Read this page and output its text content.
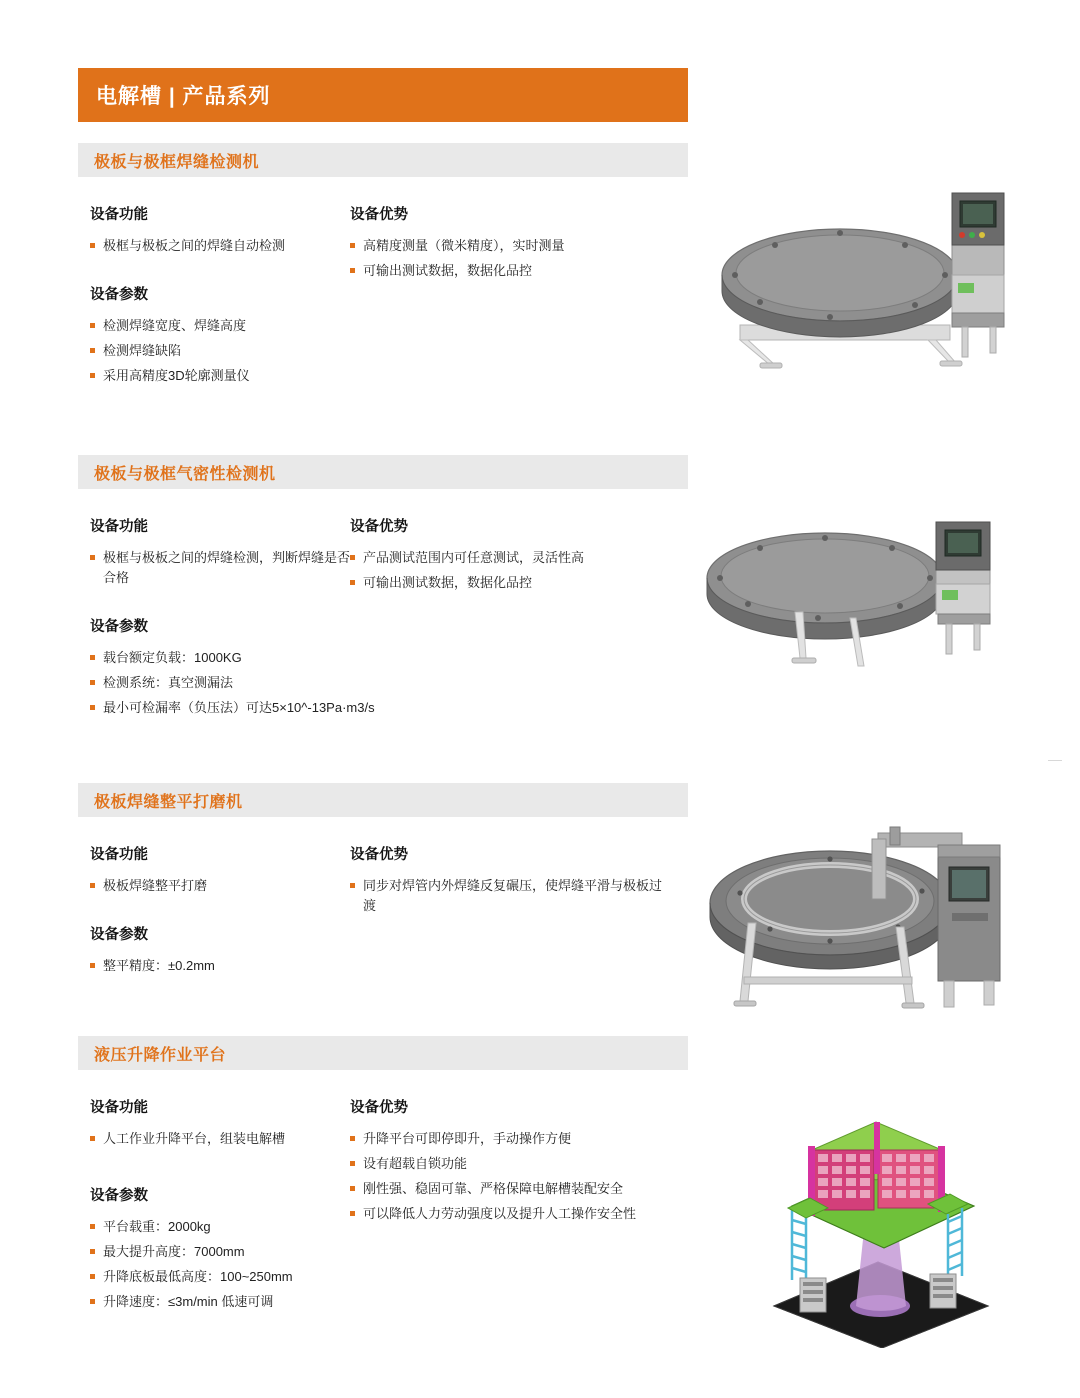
电解槽 | 产品系列
极板与极框焊缝检测机
设备功能
极框与极板之间的焊缝自动检测
设备参数
检测焊缝宽度、焊缝高度
检测焊缝缺陷
采用高精度3D轮廓测量仪
设备优势
高精度测量（微米精度），实时测量
可输出测试数据，数据化品控
极板与极框气密性检测机
设备功能
极框与极板之间的焊缝检测，判断焊缝是否合格
设备参数
载台额定负载：1000KG
检测系统：真空测漏法
最小可检漏率（负压法）可达5×10^-13Pa·m3/s
设备优势
产品测试范围内可任意测试，灵活性高
可输出测试数据，数据化品控
极板焊缝整平打磨机
设备功能
极板焊缝整平打磨
设备参数
整平精度：±0.2mm
设备优势
同步对焊管内外焊缝反复碾压，使焊缝平滑与极板过渡
液压升降作业平台
设备功能
人工作业升降平台，组装电解槽
设备参数
平台载重：2000kg
最大提升高度：7000mm
升降底板最低高度：100~250mm
升降速度：≤3m/min 低速可调
设备优势
升降平台可即停即升，手动操作方便
设有超载自锁功能
刚性强、稳固可靠、严格保障电解槽装配安全
可以降低人力劳动强度以及提升人工操作安全性
